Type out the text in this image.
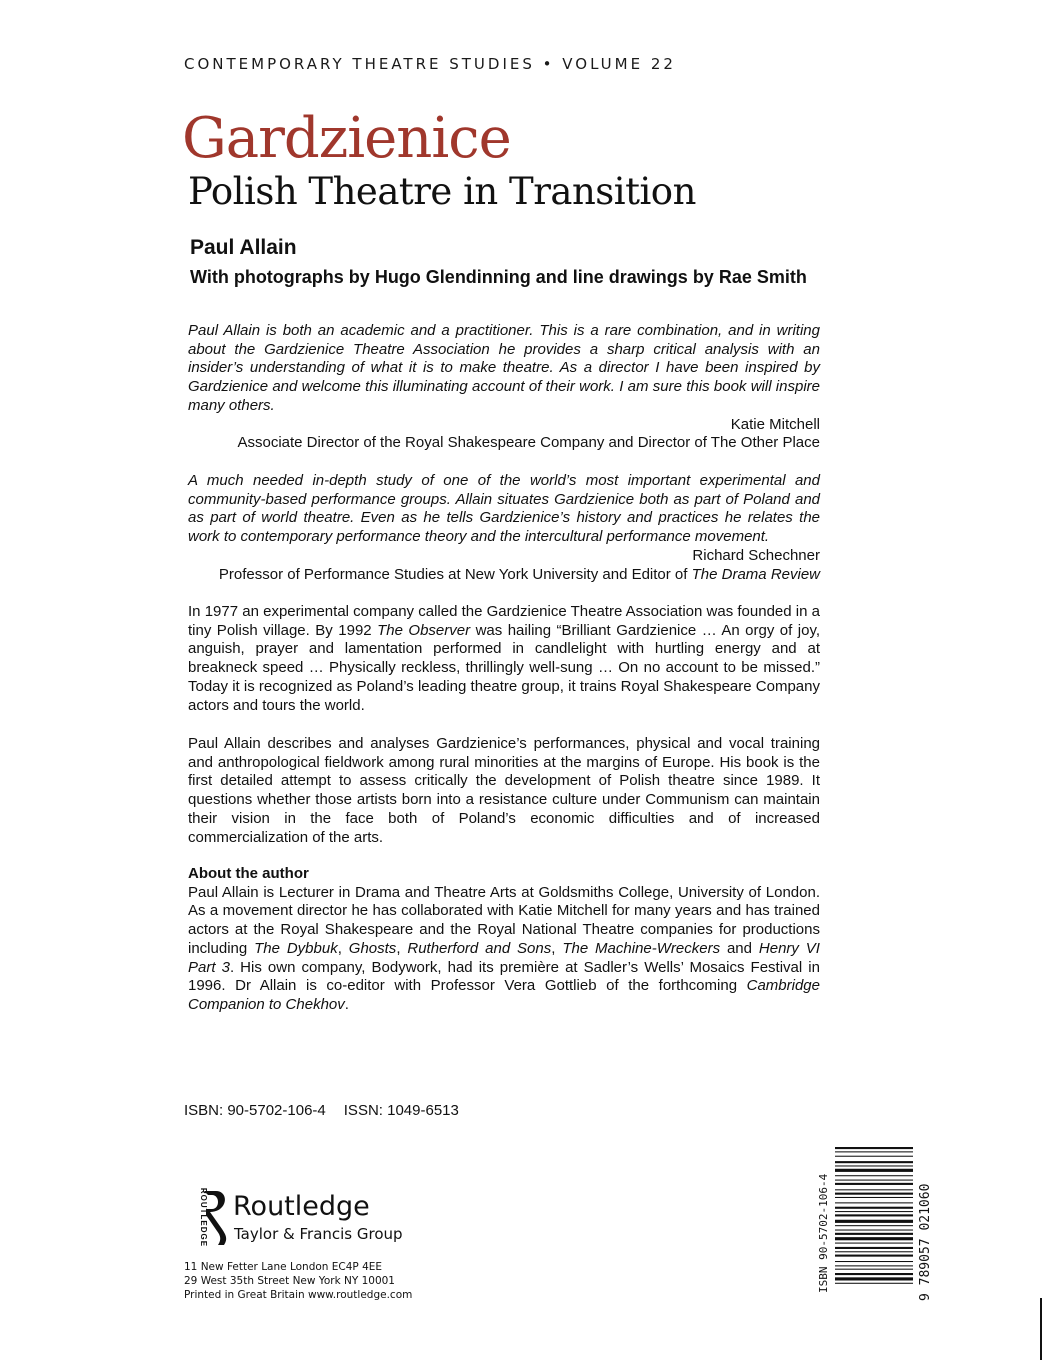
CONTEMPORARY THEATRE STUDIES • VOLUME 22
Gardzienice
Polish Theatre in Transition
Paul Allain
With photographs by Hugo Glendinning and line drawings by Rae Smith
Paul Allain is both an academic and a practitioner. This is a rare combination, and in writing about the Gardzienice Theatre Association he provides a sharp critical analysis with an insider’s understanding of what it is to make theatre. As a director I have been inspired by Gardzienice and welcome this illuminating account of their work. I am sure this book will inspire many others.
Katie Mitchell
Associate Director of the Royal Shakespeare Company and Director of The Other Place
A much needed in-depth study of one of the world’s most important experimental and community-based performance groups. Allain situates Gardzienice both as part of Poland and as part of world theatre. Even as he tells Gardzienice’s history and practices he relates the work to contemporary performance theory and the intercultural performance movement.
Richard Schechner
Professor of Performance Studies at New York University and Editor of The Drama Review
In 1977 an experimental company called the Gardzienice Theatre Association was founded in a tiny Polish village. By 1992 The Observer was hailing “Brilliant Gardzienice … An orgy of joy, anguish, prayer and lamentation performed in candlelight with hurtling energy and at breakneck speed … Physically reckless, thrillingly well-sung … On no account to be missed.” Today it is recognized as Poland’s leading theatre group, it trains Royal Shakespeare Company actors and tours the world.
Paul Allain describes and analyses Gardzienice’s performances, physical and vocal training and anthropological fieldwork among rural minorities at the margins of Europe. His book is the first detailed attempt to assess critically the development of Polish theatre since 1989. It questions whether those artists born into a resistance culture under Communism can maintain their vision in the face both of Poland’s economic difficulties and of increased commercialization of the arts.
About the author
Paul Allain is Lecturer in Drama and Theatre Arts at Goldsmiths College, University of London. As a movement director he has collaborated with Katie Mitchell for many years and has trained actors at the Royal Shakespeare and the Royal National Theatre companies for productions including The Dybbuk, Ghosts, Rutherford and Sons, The Machine-Wreckers and Henry VI Part 3. His own company, Bodywork, had its première at Sadler’s Wells’ Mosaics Festival in 1996. Dr Allain is co-editor with Professor Vera Gottlieb of the forthcoming Cambridge Companion to Chekhov.
ISBN: 90-5702-106-4 ISSN: 1049-6513
ROUTLEDGE Routledge
Taylor & Francis Group
11 New Fetter Lane London EC4P 4EE
29 West 35th Street New York NY 10001
Printed in Great Britain www.routledge.com
ISBN 90-5702-106-4	9 789057 021060
